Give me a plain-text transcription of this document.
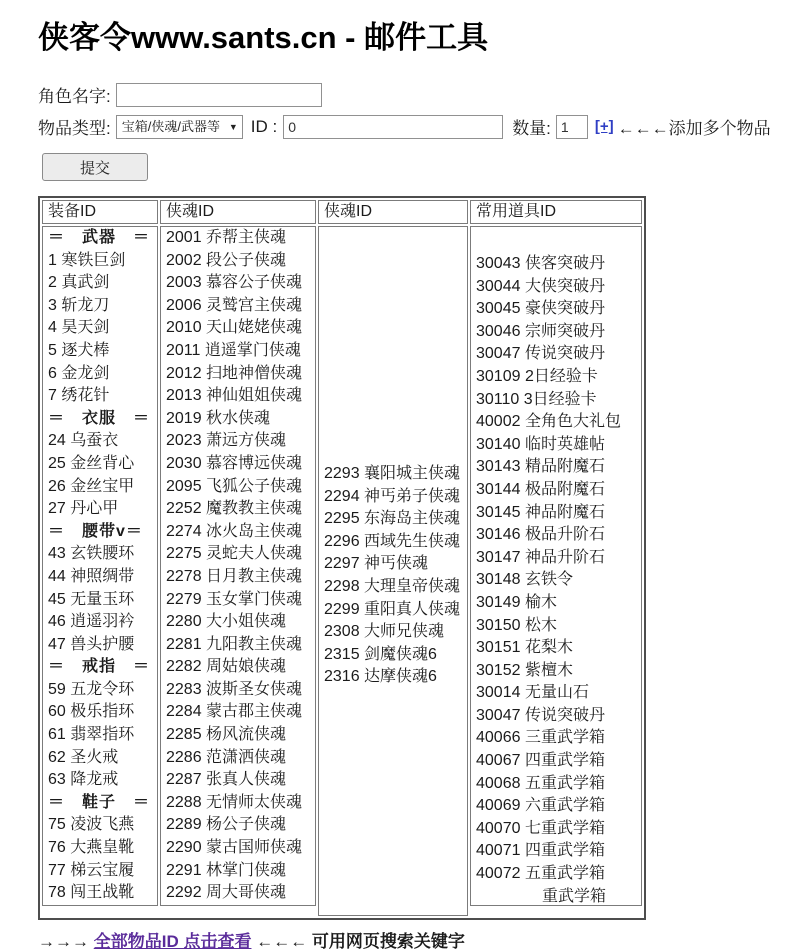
侠客令www.sants.cn - 邮件工具
角色名字:
物品类型:
宝箱/侠魂/武器等	▼ ID :
0	数量:
1	[+] ←←←添加多个物品
提交
装备ID
＝　武器　＝
1 寒铁巨剑
2 真武剑
3 斩龙刀
4 昊天剑
5 逐犬棒
6 金龙剑
7 绣花针
＝　衣服　＝
24 乌蚕衣
25 金丝背心
26 金丝宝甲
27 丹心甲
＝　腰带v＝
43 玄铁腰环
44 神照绸带
45 无量玉环
46 逍遥羽衿
47 兽头护腰
＝　戒指　＝
59 五龙令环
60 极乐指环
61 翡翠指环
62 圣火戒
63 降龙戒
＝　鞋子　＝
75 凌波飞燕
76 大燕皇靴
77 梯云宝履
78 闯王战靴
侠魂ID
2001 乔帮主侠魂
2002 段公子侠魂
2003 慕容公子侠魂
2006 灵鹫宫主侠魂
2010 天山姥姥侠魂
2011 逍遥掌门侠魂
2012 扫地神僧侠魂
2013 神仙姐姐侠魂
2019 秋水侠魂
2023 萧远方侠魂
2030 慕容博远侠魂
2095 飞狐公子侠魂
2252 魔教教主侠魂
2274 冰火岛主侠魂
2275 灵蛇夫人侠魂
2278 日月教主侠魂
2279 玉女掌门侠魂
2280 大小姐侠魂
2281 九阳教主侠魂
2282 周姑娘侠魂
2283 波斯圣女侠魂
2284 蒙古郡主侠魂
2285 杨风流侠魂
2286 范潇洒侠魂
2287 张真人侠魂
2288 无情师太侠魂
2289 杨公子侠魂
2290 蒙古国师侠魂
2291 林掌门侠魂
2292 周大哥侠魂
侠魂ID
2293 襄阳城主侠魂
2294 神丐弟子侠魂
2295 东海岛主侠魂
2296 西域先生侠魂
2297 神丐侠魂
2298 大理皇帝侠魂
2299 重阳真人侠魂
2308 大师兄侠魂
2315 剑魔侠魂6
2316 达摩侠魂6
常用道具ID
30043 侠客突破丹
30044 大侠突破丹
30045 豪侠突破丹
30046 宗师突破丹
30047 传说突破丹
30109 2日经验卡
30110 3日经验卡
40002 全角色大礼包
30140 临时英雄帖
30143 精品附魔石
30144 极品附魔石
30145 神品附魔石
30146 极品升阶石
30147 神品升阶石
30148 玄铁令
30149 榆木
30150 松木
30151 花梨木
30152 紫檀木
30014 无量山石
30047 传说突破丹
40066 三重武学箱
40067 四重武学箱
40068 五重武学箱
40069 六重武学箱
40070 七重武学箱
40071 四重武学箱
40072 五重武学箱
重武学箱
→→→ 全部物品ID 点击查看 ←←← 可用网页搜索关键字
